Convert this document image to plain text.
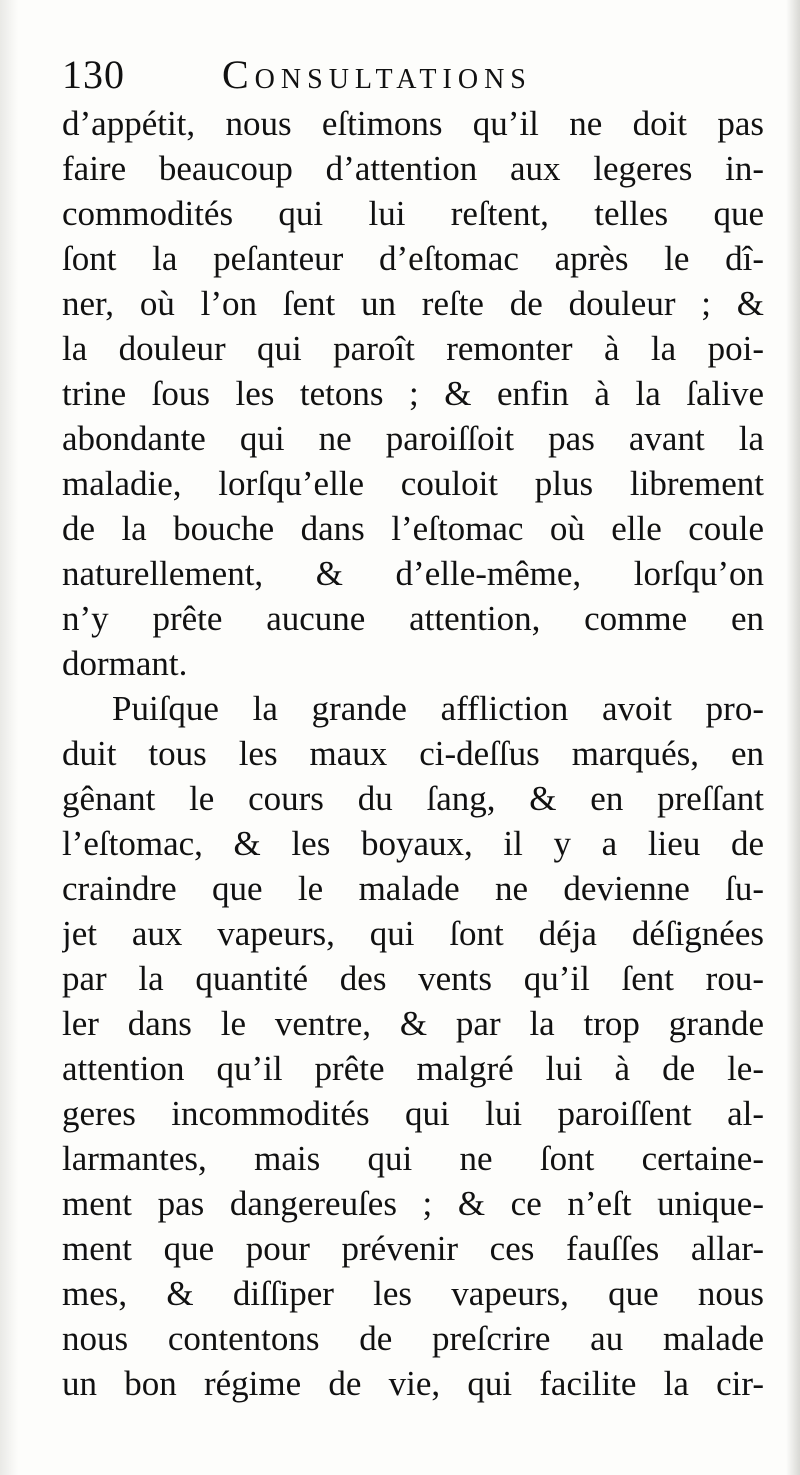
130 Consultations
d’appétit, nous eſtimons qu’il ne doit pas
faire beaucoup d’attention aux legeres in-
commodités qui lui reſtent, telles que
ſont la peſanteur d’eſtomac après le dî-
ner, où l’on ſent un reſte de douleur ; &
la douleur qui paroît remonter à la poi-
trine ſous les tetons ; & enfin à la ſalive
abondante qui ne paroiſſoit pas avant la
maladie, lorſqu’elle couloit plus librement
de la bouche dans l’eſtomac où elle coule
naturellement, & d’elle-même, lorſqu’on
n’y prête aucune attention, comme en
dormant.
Puiſque la grande affliction avoit pro-
duit tous les maux ci-deſſus marqués, en
gênant le cours du ſang, & en preſſant
l’eſtomac, & les boyaux, il y a lieu de
craindre que le malade ne devienne ſu-
jet aux vapeurs, qui ſont déja déſignées
par la quantité des vents qu’il ſent rou-
ler dans le ventre, & par la trop grande
attention qu’il prête malgré lui à de le-
geres incommodités qui lui paroiſſent al-
larmantes, mais qui ne ſont certaine-
ment pas dangereuſes ; & ce n’eſt unique-
ment que pour prévenir ces fauſſes allar-
mes, & diſſiper les vapeurs, que nous
nous contentons de preſcrire au malade
un bon régime de vie, qui facilite la cir-
